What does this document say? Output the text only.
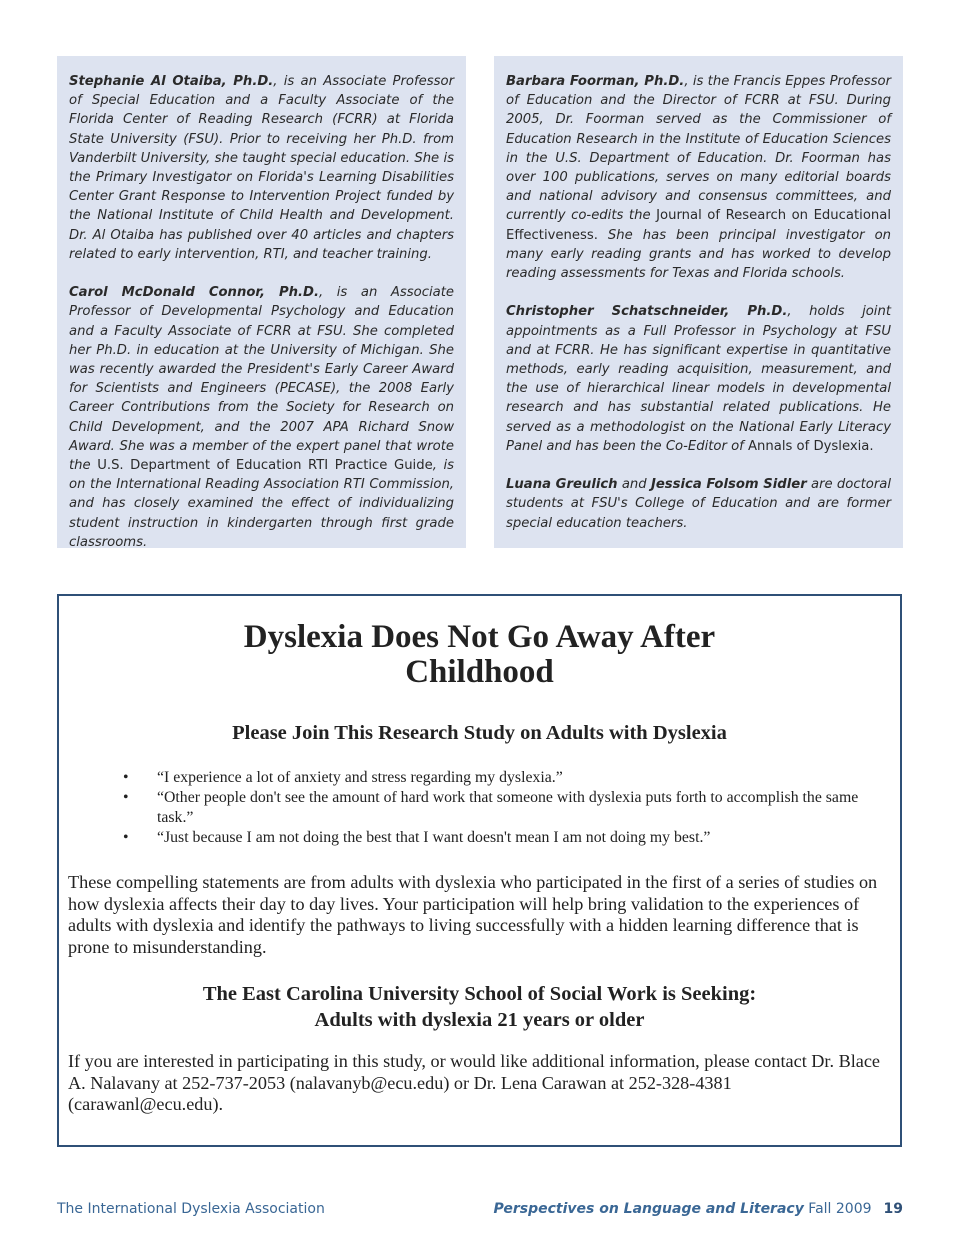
Stephanie Al Otaiba, Ph.D., is an Associate Professor of Special Education and a Faculty Associate of the Florida Center of Reading Research (FCRR) at Florida State University (FSU). Prior to receiving her Ph.D. from Vanderbilt University, she taught special education. She is the Primary Investigator on Florida's Learning Disabilities Center Grant Response to Intervention Project funded by the National Institute of Child Health and Development. Dr. Al Otaiba has published over 40 articles and chapters related to early intervention, RTI, and teacher training.

Carol McDonald Connor, Ph.D., is an Associate Professor of Developmental Psychology and Education and a Faculty Associate of FCRR at FSU. She completed her Ph.D. in education at the University of Michigan. She was recently awarded the President's Early Career Award for Scientists and Engineers (PECASE), the 2008 Early Career Contributions from the Society for Research on Child Development, and the 2007 APA Richard Snow Award. She was a member of the expert panel that wrote the U.S. Department of Education RTI Practice Guide, is on the International Reading Association RTI Commission, and has closely examined the effect of individualizing student instruction in kindergarten through first grade classrooms.

Barbara Foorman, Ph.D., is the Francis Eppes Professor of Education and the Director of FCRR at FSU. During 2005, Dr. Foorman served as the Commissioner of Education Research in the Institute of Education Sciences in the U.S. Department of Education. Dr. Foorman has over 100 publications, serves on many editorial boards and national advisory and consensus committees, and currently co-edits the Journal of Research on Educational Effectiveness. She has been principal investigator on many early reading grants and has worked to develop reading assessments for Texas and Florida schools.

Christopher Schatschneider, Ph.D., holds joint appointments as a Full Professor in Psychology at FSU and at FCRR. He has significant expertise in quantitative methods, early reading acquisition, measurement, and the use of hierarchical linear models in developmental research and has substantial related publications. He served as a methodologist on the National Early Literacy Panel and has been the Co-Editor of Annals of Dyslexia.

Luana Greulich and Jessica Folsom Sidler are doctoral students at FSU's College of Education and are former special education teachers.

Dyslexia Does Not Go Away After
Childhood
Please Join This Research Study on Adults with Dyslexia
• “I experience a lot of anxiety and stress regarding my dyslexia.”
• “Other people don't see the amount of hard work that someone with dyslexia puts forth to accomplish the same task.”
• “Just because I am not doing the best that I want doesn't mean I am not doing my best.”

These compelling statements are from adults with dyslexia who participated in the first of a series of studies on how dyslexia affects their day to day lives. Your participation will help bring validation to the experiences of adults with dyslexia and identify the pathways to living successfully with a hidden learning difference that is prone to misunderstanding.

The East Carolina University School of Social Work is Seeking:
Adults with dyslexia 21 years or older

If you are interested in participating in this study, or would like additional information, please contact Dr. Blace A. Nalavany at 252-737-2053 (nalavanyb@ecu.edu) or Dr. Lena Carawan at 252-328-4381 (carawanl@ecu.edu).

The International Dyslexia Association	Perspectives on Language and Literacy Fall 2009 19
